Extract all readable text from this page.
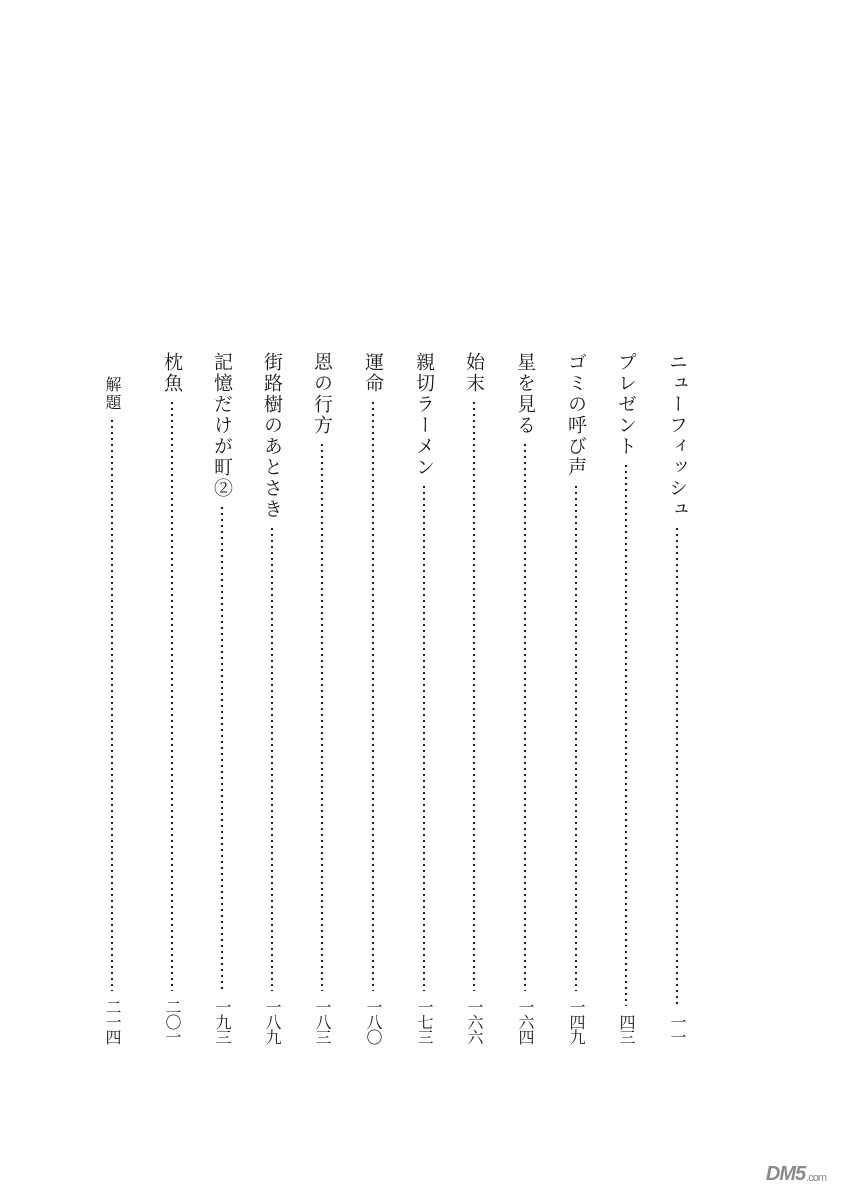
ニューフィッシュ
一一
プレゼント
四三
ゴミの呼び声
一四九
星を見る
一六四
始末
一六六
親切ラーメン
一七三
運命
一八〇
恩の行方
一八三
街路樹のあとさき
一八九
記憶だけが町②
一九三
枕魚
二〇一
解題
二一四
DM5 .com
